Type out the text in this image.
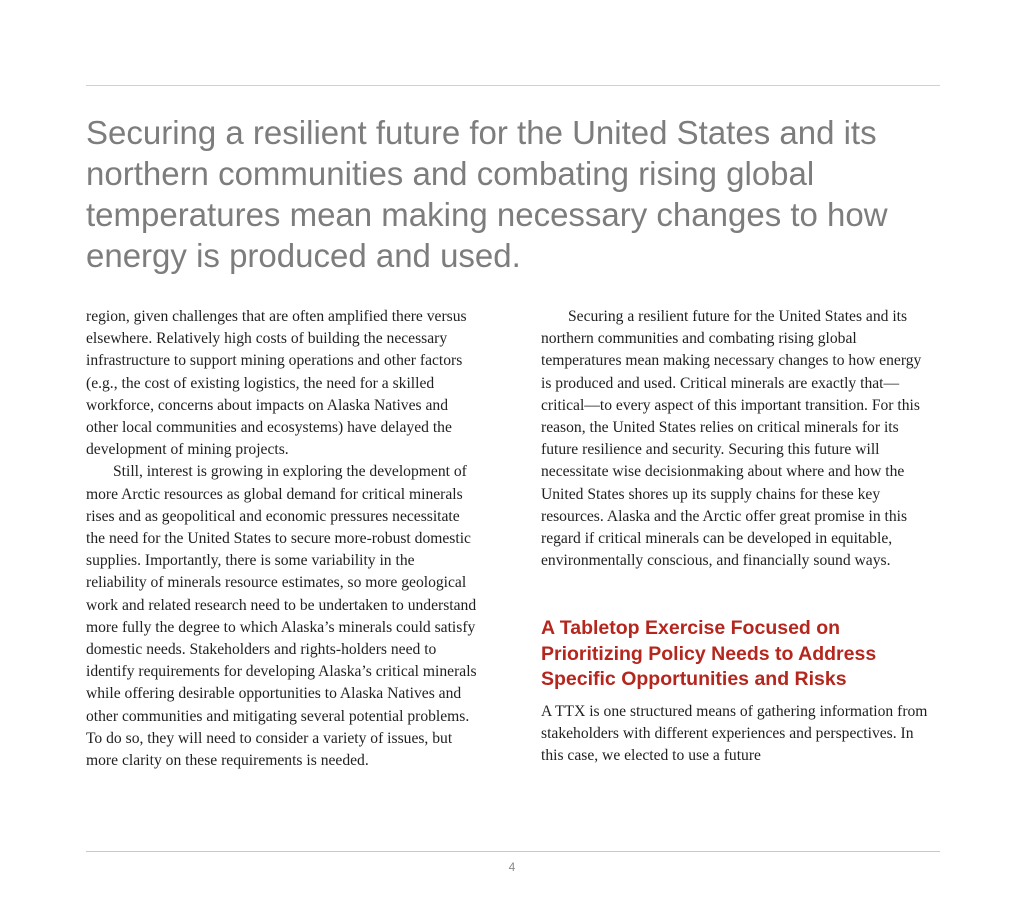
Securing a resilient future for the United States and its northern communities and combating rising global temperatures mean making necessary changes to how energy is produced and used.

region, given challenges that are often amplified there versus elsewhere. Relatively high costs of building the necessary infrastructure to support mining operations and other factors (e.g., the cost of existing logistics, the need for a skilled workforce, concerns about impacts on Alaska Natives and other local communities and ecosystems) have delayed the development of mining projects.

Still, interest is growing in exploring the development of more Arctic resources as global demand for critical minerals rises and as geopolitical and economic pressures necessitate the need for the United States to secure more-robust domestic supplies. Importantly, there is some variability in the reliability of minerals resource estimates, so more geological work and related research need to be undertaken to understand more fully the degree to which Alaska’s minerals could satisfy domestic needs. Stakeholders and rights-holders need to identify requirements for developing Alaska’s critical minerals while offering desirable opportunities to Alaska Natives and other communities and mitigating several potential problems. To do so, they will need to consider a variety of issues, but more clarity on these requirements is needed.

Securing a resilient future for the United States and its northern communities and combating rising global temperatures mean making necessary changes to how energy is produced and used. Critical minerals are exactly that—critical—to every aspect of this important transition. For this reason, the United States relies on critical minerals for its future resilience and security. Securing this future will necessitate wise decisionmaking about where and how the United States shores up its supply chains for these key resources. Alaska and the Arctic offer great promise in this regard if critical minerals can be developed in equitable, environmentally conscious, and financially sound ways.

A Tabletop Exercise Focused on Prioritizing Policy Needs to Address Specific Opportunities and Risks

A TTX is one structured means of gathering information from stakeholders with different experiences and perspectives. In this case, we elected to use a future

4
